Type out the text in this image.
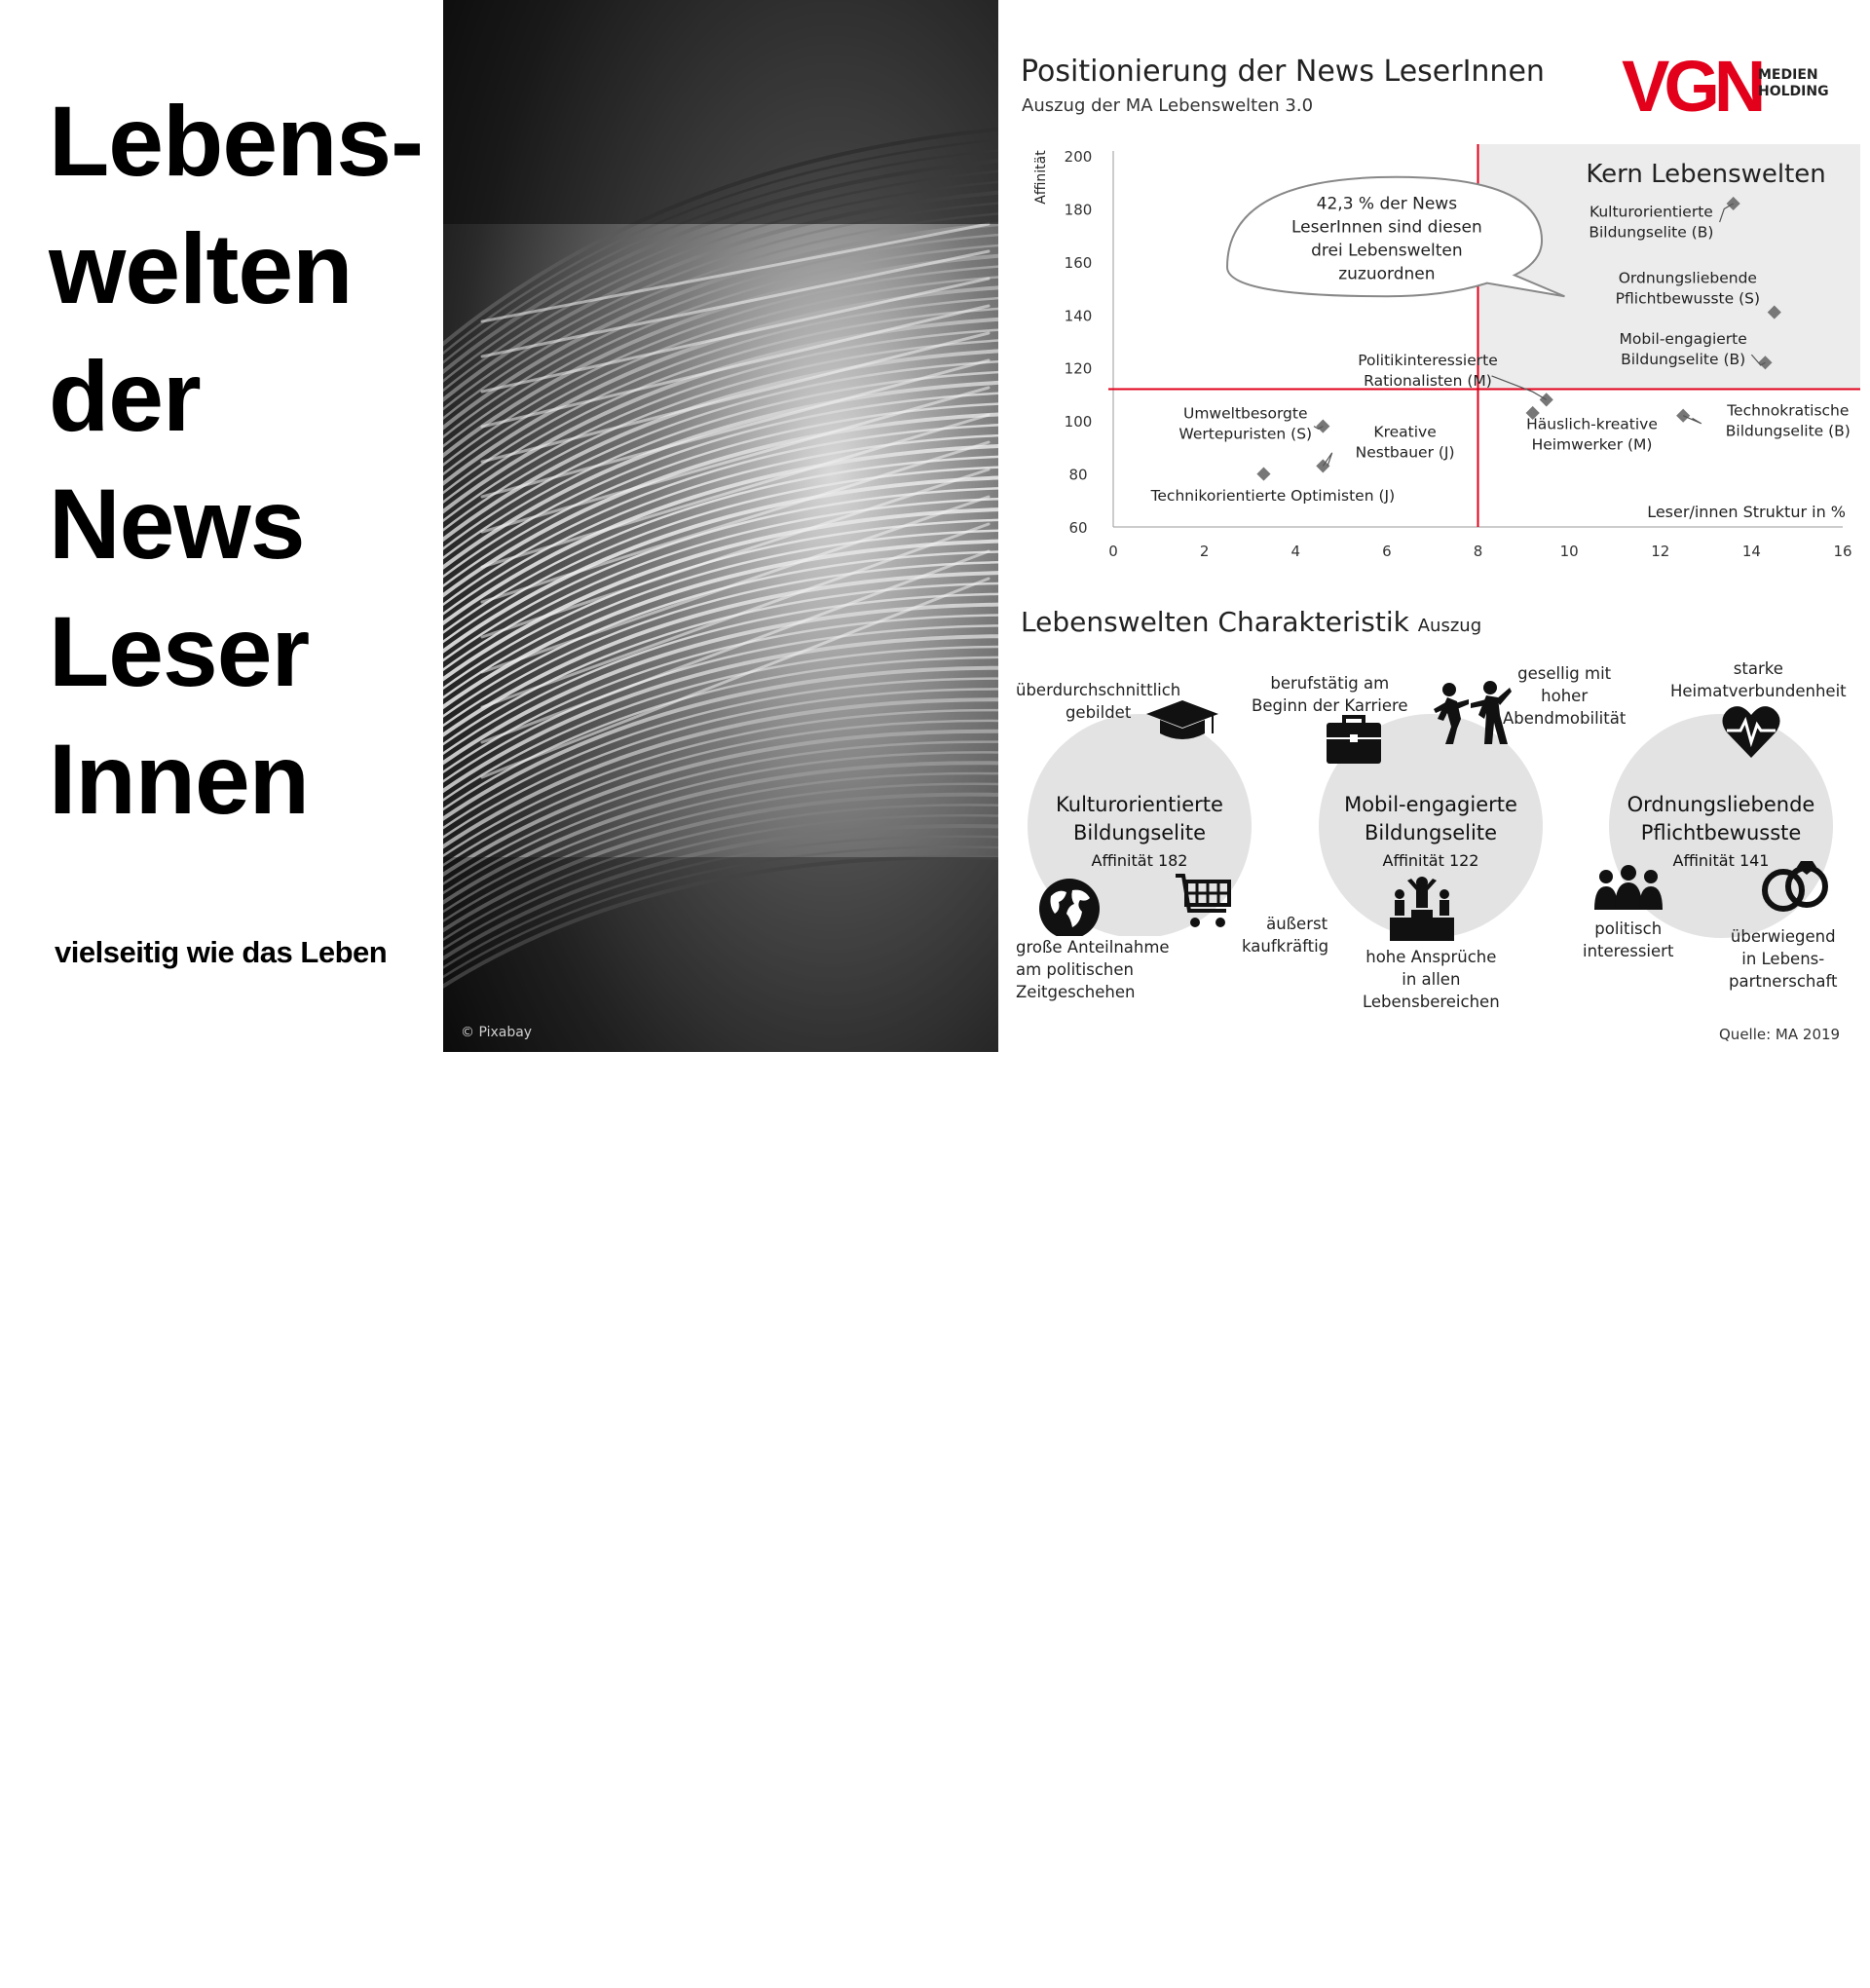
Lebens-
welten
der
News
Leser
Innen
vielseitig wie das Leben
© Pixabay
Positionierung der News LeserInnen
Auszug der MA Lebenswelten 3.0	VGN
MEDIEN
HOLDING
Kern Lebenswelten
60
80
100
120
140
160
180
200
0	2	4	6	8	10	12	14	16
Affinität
Leser/innen Struktur in %
42,3 % der News
LeserInnen sind diesen
drei Lebenswelten
zuzuordnen
Kulturorientierte
Bildungselite (B)
Ordnungsliebende
Pflichtbewusste (S)
Mobil-engagierte
Bildungselite (B)
Politikinteressierte
Rationalisten (M)
Häuslich-kreative
Heimwerker (M)
Technokratische
Bildungselite (B)
Umweltbesorgte
Wertepuristen (S)	Kreative
Nestbauer (J)
Technikorientierte Optimisten (J)
Lebenswelten Charakteristik Auszug
Kulturorientierte
Bildungselite
Affinität 182
überdurchschnittlich
gebildet
große Anteilnahme
am politischen
Zeitgeschehen
äußerst
kaufkräftig
Mobil-engagierte
Bildungselite
Affinität 122
berufstätig am
Beginn der Karriere
gesellig mit
hoher
Abendmobilität
hohe Ansprüche
in allen
Lebensbereichen
Ordnungsliebende
Pflichtbewusste
Affinität 141
starke
Heimatverbundenheit
politisch
interessiert
überwiegend
in Lebens-
partnerschaft
Quelle: MA 2019
